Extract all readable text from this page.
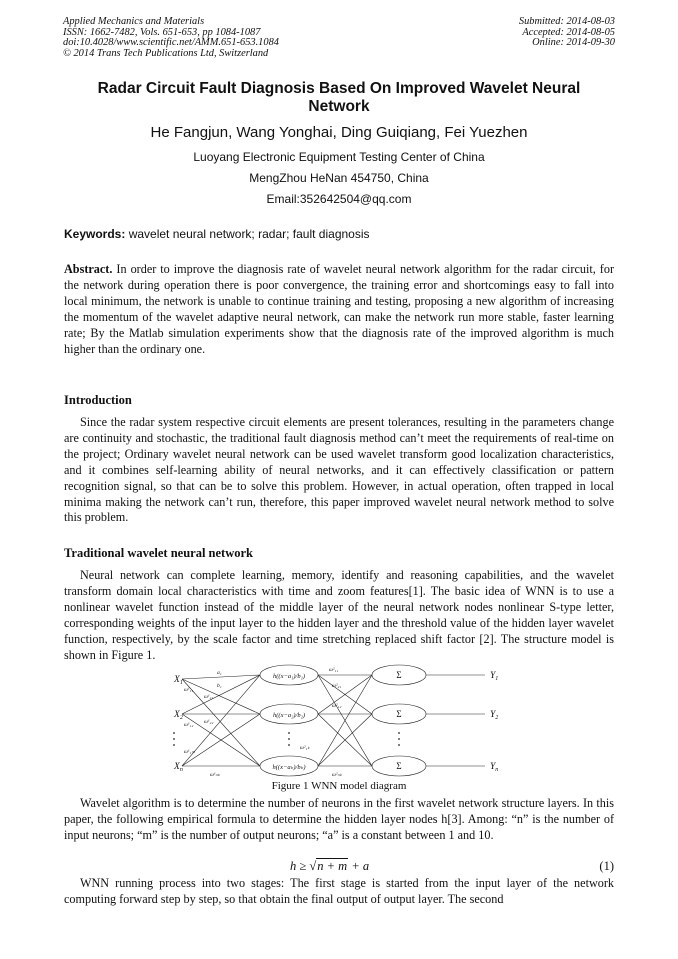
Applied Mechanics and Materials
ISSN: 1662-7482, Vols. 651-653, pp 1084-1087
doi:10.4028/www.scientific.net/AMM.651-653.1084
© 2014 Trans Tech Publications Ltd, Switzerland
Submitted: 2014-08-03
Accepted: 2014-08-05
Online: 2014-09-30
Radar Circuit Fault Diagnosis Based On Improved Wavelet Neural Network
He Fangjun, Wang Yonghai, Ding Guiqiang, Fei Yuezhen
Luoyang Electronic Equipment Testing Center of China
MengZhou HeNan 454750, China
Email:352642504@qq.com
Keywords: wavelet neural network; radar; fault diagnosis
Abstract. In order to improve the diagnosis rate of wavelet neural network algorithm for the radar circuit, for the network during operation there is poor convergence, the training error and shortcomings easy to fall into local minimum, the network is unable to continue training and testing, proposing a new algorithm of increasing the momentum of the wavelet adaptive neural network, can make the network run more stable, faster learning rate; By the Matlab simulation experiments show that the diagnosis rate of the improved algorithm is much higher than the ordinary one.
Introduction
Since the radar system respective circuit elements are present tolerances, resulting in the parameters change are continuity and stochastic, the traditional fault diagnosis method can’t meet the requirements of real-time on the project; Ordinary wavelet neural network can be used wavelet transform good localization characteristics, and it combines self-learning ability of neural networks, and it can effectively classification or pattern recognition signal, so that can be to solve this problem. However, in actual operation, often trapped in local minima making the network can’t run, therefore, this paper improved wavelet neural network method to solve this problem.
Traditional wavelet neural network
Neural network can complete learning, memory, identify and reasoning capabilities, and the wavelet transform domain local characteristics with time and zoom features[1]. The basic idea of WNN is to use a nonlinear wavelet function instead of the middle layer of the neural network nodes nonlinear S-type letter, corresponding weights of the input layer to the hidden layer and the threshold value of the hidden layer wavelet function, respectively, by the scale factor and time stretching replaced shift factor [2]. The structure model is shown in Figure 1.
$X_1$
$X_2$
$X_n$
h((x−a₁)/b₁)
h((x−a₂)/b₂)
h((x−aₖ)/bₖ)
Σ
Σ
Σ
$Y_1$
$Y_2$
$Y_n$
a₁
b₁
ω¹₁₁
ω¹₂₁
ω¹₁₂ ω¹₂₂
ω¹₁ₘ
ω¹ₙₖ
ω²₁₁
ω²₂₁
ω²₁₂
ω²₁ₖ
ω²ₙₖ
Figure 1 WNN model diagram
Wavelet algorithm is to determine the number of neurons in the first wavelet network structure layers. In this paper, the following empirical formula to determine the hidden layer nodes h[3]. Among: “n” is the number of input neurons; “m” is the number of output neurons; “a” is a constant between 1 and 10.
h ≥ √n + m + a	(1)
WNN running process into two stages: The first stage is started from the input layer of the network computing forward step by step, so that obtain the final output of output layer. The second
